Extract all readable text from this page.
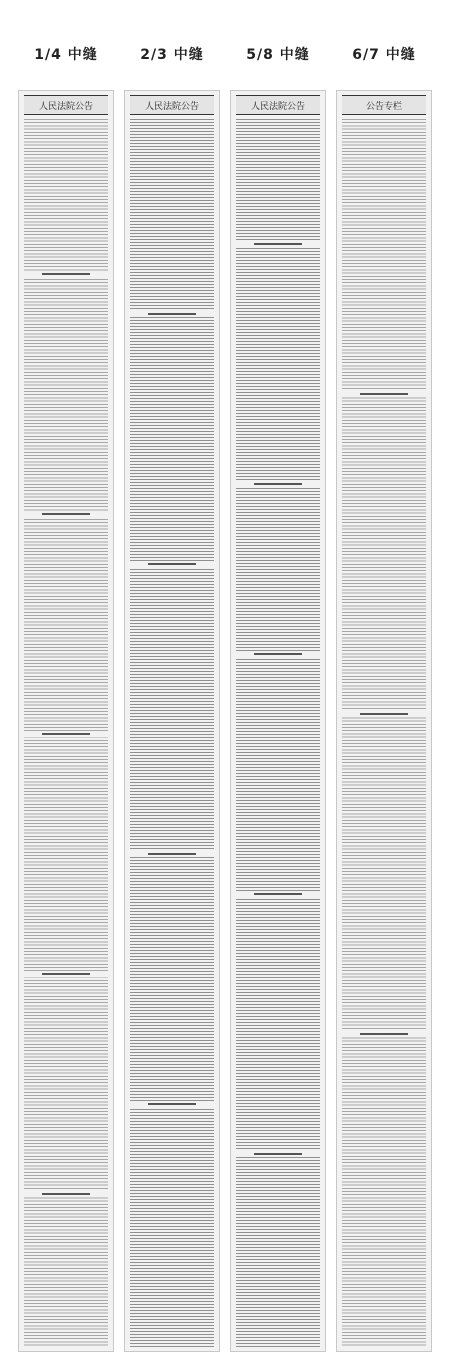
1/4 中缝
人民法院公告
2/3 中缝
人民法院公告
5/8 中缝
人民法院公告
6/7 中缝
公告专栏
